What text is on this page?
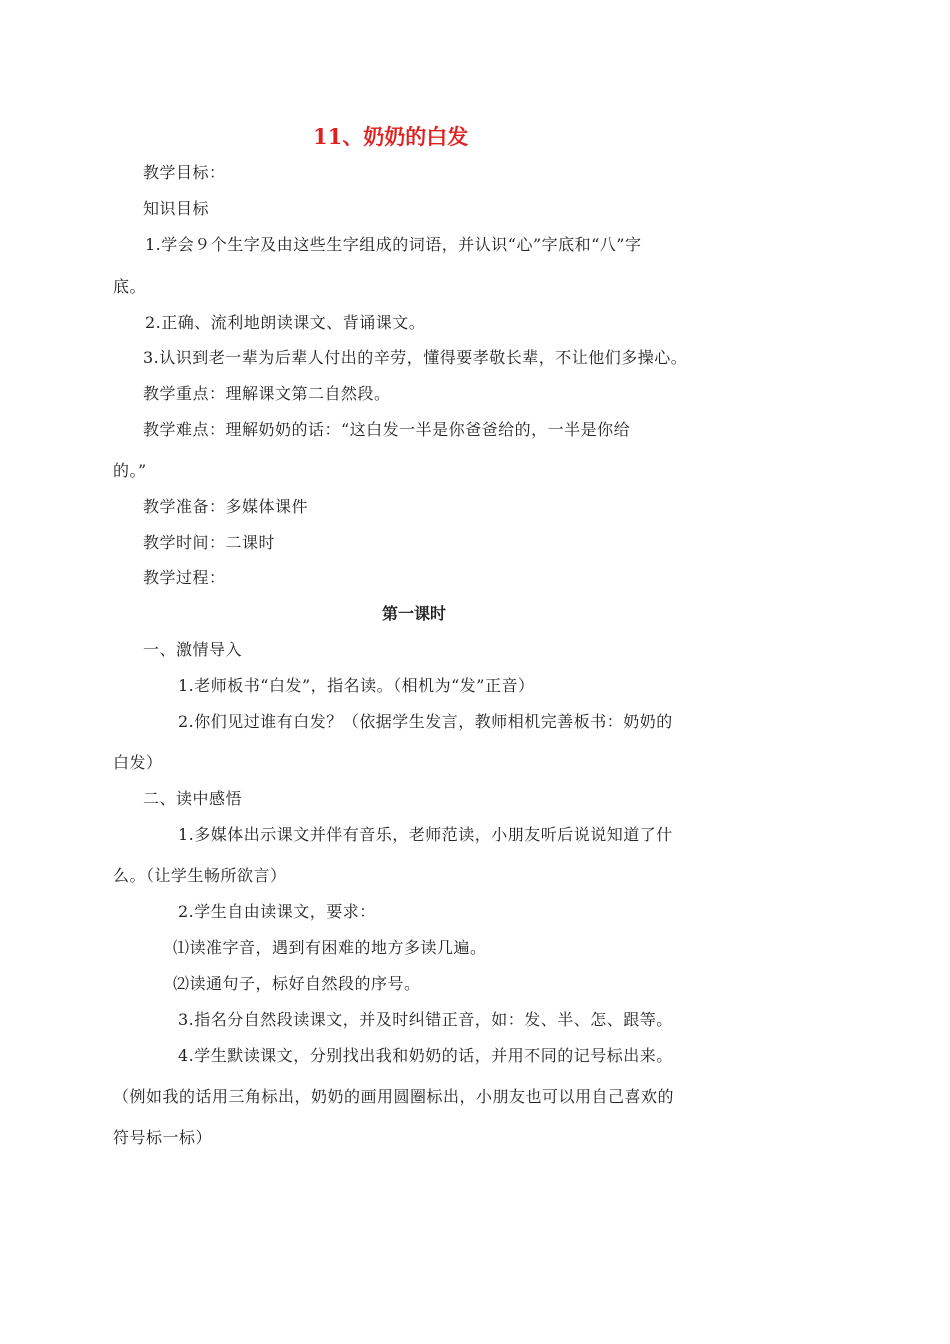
11、奶奶的白发
教学目标：
知识目标
1.学会９个生字及由这些生字组成的词语，并认识“心”字底和“八”字
底。
2.正确、流利地朗读课文、背诵课文。
3.认识到老一辈为后辈人付出的辛劳，懂得要孝敬长辈，不让他们多操心。
教学重点：理解课文第二自然段。
教学难点：理解奶奶的话：“这白发一半是你爸爸给的，一半是你给
的。”
教学准备：多媒体课件
教学时间：二课时
教学过程：
第一课时
一、激情导入
1.老师板书“白发”，指名读。（相机为“发”正音）
2.你们见过谁有白发？（依据学生发言，教师相机完善板书：奶奶的
白发）
二、读中感悟
1.多媒体出示课文并伴有音乐，老师范读，小朋友听后说说知道了什
么。（让学生畅所欲言）
2.学生自由读课文，要求：
⑴读准字音，遇到有困难的地方多读几遍。
⑵读通句子，标好自然段的序号。
3.指名分自然段读课文，并及时纠错正音，如：发、半、怎、跟等。
4.学生默读课文，分别找出我和奶奶的话，并用不同的记号标出来。
（例如我的话用三角标出，奶奶的画用圆圈标出，小朋友也可以用自己喜欢的
符号标一标）
